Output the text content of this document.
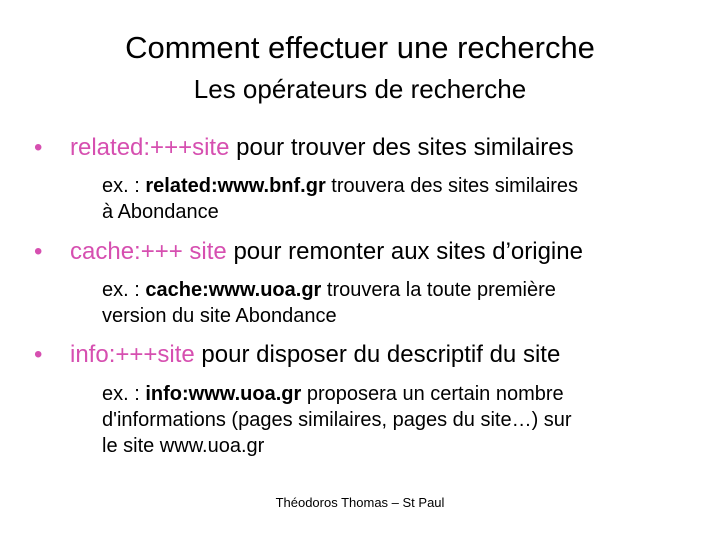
Comment effectuer une recherche
Les opérateurs de recherche
• related:+++site pour trouver des sites similaires
ex. : related:www.bnf.gr trouvera des sites similaires
à Abondance
• cache:+++ site pour remonter aux sites d’origine
ex. : cache:www.uoa.gr trouvera la toute première
version du site Abondance
• info:+++site pour disposer du descriptif du site
ex. : info:www.uoa.gr proposera un certain nombre
d'informations (pages similaires, pages du site…) sur
le site www.uoa.gr
Théodoros Thomas – St Paul
